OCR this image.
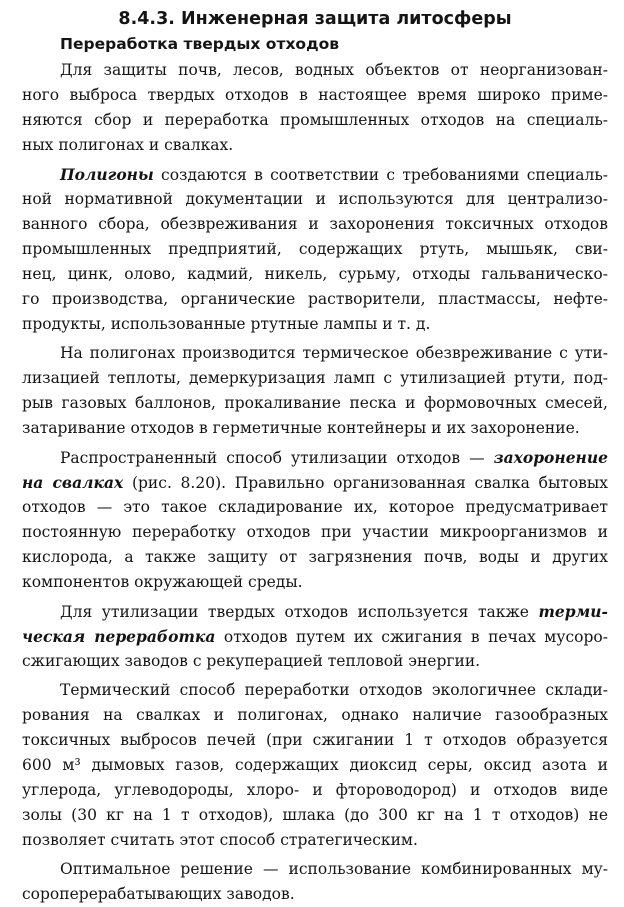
8.4.3. Инженерная защита литосферы
Переработка твердых отходов
Для защиты почв, лесов, водных объектов от неорганизован-
ного выброса твердых отходов в настоящее время широко приме-
няются сбор и переработка промышленных отходов на специаль-
ных полигонах и свалках.
Полигоны создаются в соответствии с требованиями специаль-
ной нормативной документации и используются для централизо-
ванного сбора, обезвреживания и захоронения токсичных отходов
промышленных предприятий, содержащих ртуть, мышьяк, сви-
нец, цинк, олово, кадмий, никель, сурьму, отходы гальваническо-
го производства, органические растворители, пластмассы, нефте-
продукты, использованные ртутные лампы и т. д.
На полигонах производится термическое обезвреживание с ути-
лизацией теплоты, демеркуризация ламп с утилизацией ртути, под-
рыв газовых баллонов, прокаливание песка и формовочных смесей,
затаривание отходов в герметичные контейнеры и их захоронение.
Распространенный способ утилизации отходов — захоронение
на свалках (рис. 8.20). Правильно организованная свалка бытовых
отходов — это такое складирование их, которое предусматривает
постоянную переработку отходов при участии микроорганизмов и
кислорода, а также защиту от загрязнения почв, воды и других
компонентов окружающей среды.
Для утилизации твердых отходов используется также терми-
ческая переработка отходов путем их сжигания в печах мусоро-
сжигающих заводов с рекуперацией тепловой энергии.
Термический способ переработки отходов экологичнее склади-
рования на свалках и полигонах, однако наличие газообразных
токсичных выбросов печей (при сжигании 1 т отходов образуется
600 м³ дымовых газов, содержащих диоксид серы, оксид азота и
углерода, углеводороды, хлоро- и фтороводород) и отходов виде
золы (30 кг на 1 т отходов), шлака (до 300 кг на 1 т отходов) не
позволяет считать этот способ стратегическим.
Оптимальное решение — использование комбинированных му-
сороперерабатывающих заводов.
